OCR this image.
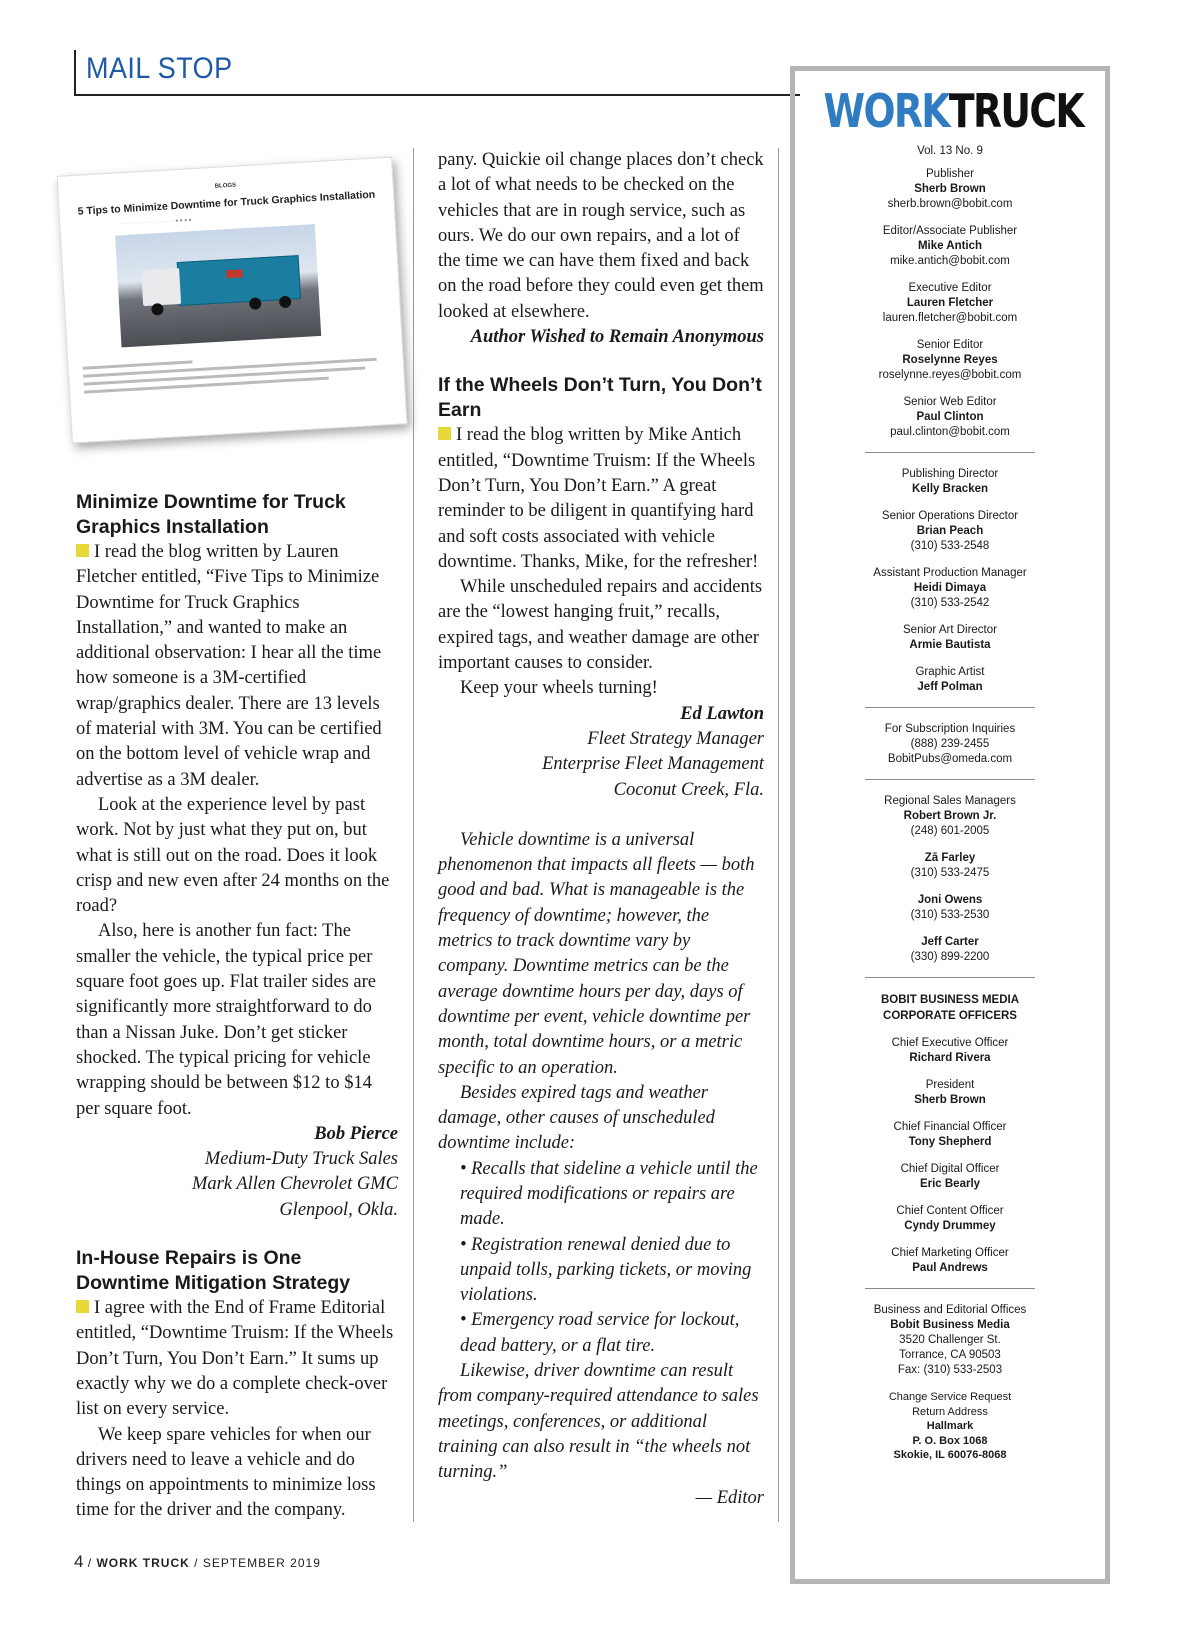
MAIL STOP
BLOGS
5 Tips to Minimize Downtime for Truck Graphics Installation
· · · · · · · · · · · · · · · · · · ● ● ● ●
Minimize Downtime for Truck Graphics Installation

I read the blog written by Lauren Fletcher entitled, “Five Tips to Minimize Downtime for Truck Graphics Installation,” and wanted to make an additional observation: I hear all the time how someone is a 3M-certified wrap/graphics dealer. There are 13 levels of material with 3M. You can be certified on the bottom level of vehicle wrap and advertise as a 3M dealer.

Look at the experience level by past work. Not by just what they put on, but what is still out on the road. Does it look crisp and new even after 24 months on the road?

Also, here is another fun fact: The smaller the vehicle, the typical price per square foot goes up. Flat trailer sides are significantly more straightforward to do than a Nissan Juke. Don’t get sticker shocked. The typical pricing for vehicle wrapping should be between $12 to $14 per square foot.

Bob Pierce

Medium-Duty Truck Sales

Mark Allen Chevrolet GMC

Glenpool, Okla.

In-House Repairs is One Downtime Mitigation Strategy

I agree with the End of Frame Editorial entitled, “Downtime Truism: If the Wheels Don’t Turn, You Don’t Earn.” It sums up exactly why we do a complete check-over list on every service.

We keep spare vehicles for when our drivers need to leave a vehicle and do things on appointments to minimize loss time for the driver and the company.

pany. Quickie oil change places don’t check a lot of what needs to be checked on the vehicles that are in rough service, such as ours. We do our own repairs, and a lot of the time we can have them fixed and back on the road before they could even get them looked at elsewhere.

Author Wished to Remain Anonymous

If the Wheels Don’t Turn, You Don’t Earn

I read the blog written by Mike Antich entitled, “Downtime Truism: If the Wheels Don’t Turn, You Don’t Earn.” A great reminder to be diligent in quantifying hard and soft costs associated with vehicle downtime. Thanks, Mike, for the refresher!

While unscheduled repairs and accidents are the “lowest hanging fruit,” recalls, expired tags, and weather damage are other important causes to consider.

Keep your wheels turning!

Ed Lawton

Fleet Strategy Manager

Enterprise Fleet Management

Coconut Creek, Fla.

Vehicle downtime is a universal phenomenon that impacts all fleets — both good and bad. What is manageable is the frequency of downtime; however, the metrics to track downtime vary by company. Downtime metrics can be the average downtime hours per day, days of downtime per event, vehicle downtime per month, total downtime hours, or a metric specific to an operation.

Besides expired tags and weather damage, other causes of unscheduled downtime include:

• Recalls that sideline a vehicle until the required modifications or repairs are made.

• Registration renewal denied due to unpaid tolls, parking tickets, or moving violations.

• Emergency road service for lockout, dead battery, or a flat tire.

Likewise, driver downtime can result from company-required attendance to sales meetings, conferences, or additional training can also result in “the wheels not turning.”

— Editor

WORKTRUCK
Vol. 13 No. 9
Publisher
Sherb Brown
sherb.brown@bobit.com
Editor/Associate Publisher
Mike Antich
mike.antich@bobit.com
Executive Editor
Lauren Fletcher
lauren.fletcher@bobit.com
Senior Editor
Roselynne Reyes
roselynne.reyes@bobit.com
Senior Web Editor
Paul Clinton
paul.clinton@bobit.com
Publishing Director
Kelly Bracken
Senior Operations Director
Brian Peach
(310) 533-2548
Assistant Production Manager
Heidi Dimaya
(310) 533-2542
Senior Art Director
Armie Bautista
Graphic Artist
Jeff Polman
For Subscription Inquiries
(888) 239-2455
BobitPubs@omeda.com
Regional Sales Managers
Robert Brown Jr.
(248) 601-2005
Zā Farley
(310) 533-2475
Joni Owens
(310) 533-2530
Jeff Carter
(330) 899-2200
BOBIT BUSINESS MEDIA
CORPORATE OFFICERS
Chief Executive Officer
Richard Rivera
President
Sherb Brown
Chief Financial Officer
Tony Shepherd
Chief Digital Officer
Eric Bearly
Chief Content Officer
Cyndy Drummey
Chief Marketing Officer
Paul Andrews
Business and Editorial Offices
Bobit Business Media
3520 Challenger St.
Torrance, CA 90503
Fax: (310) 533-2503
Change Service Request
Return Address
Hallmark
P. O. Box 1068
Skokie, IL 60076-8068
4 / WORK TRUCK / SEPTEMBER 2019
